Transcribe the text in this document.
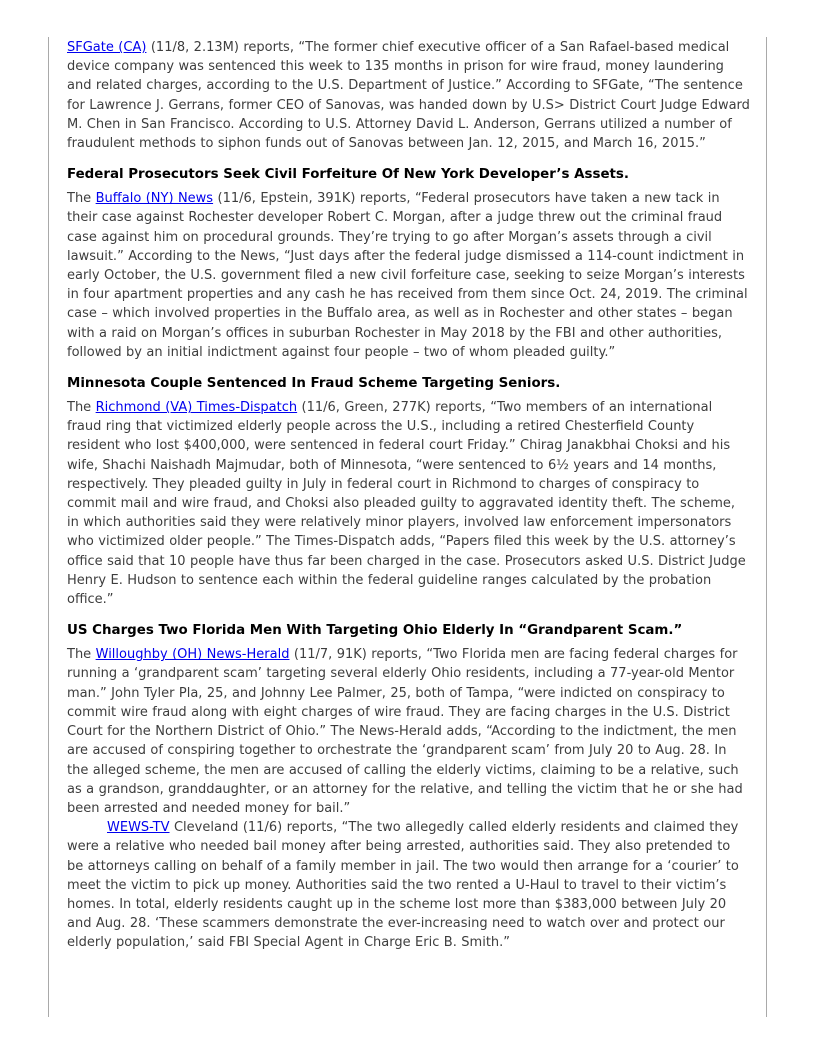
SFGate (CA) (11/8, 2.13M) reports, “The former chief executive officer of a San Rafael-based medical device company was sentenced this week to 135 months in prison for wire fraud, money laundering and related charges, according to the U.S. Department of Justice.” According to SFGate, “The sentence for Lawrence J. Gerrans, former CEO of Sanovas, was handed down by U.S> District Court Judge Edward M. Chen in San Francisco. According to U.S. Attorney David L. Anderson, Gerrans utilized a number of fraudulent methods to siphon funds out of Sanovas between Jan. 12, 2015, and March 16, 2015.”

Federal Prosecutors Seek Civil Forfeiture Of New York Developer’s Assets.

The Buffalo (NY) News (11/6, Epstein, 391K) reports, “Federal prosecutors have taken a new tack in their case against Rochester developer Robert C. Morgan, after a judge threw out the criminal fraud case against him on procedural grounds. They’re trying to go after Morgan’s assets through a civil lawsuit.” According to the News, “Just days after the federal judge dismissed a 114-count indictment in early October, the U.S. government filed a new civil forfeiture case, seeking to seize Morgan’s interests in four apartment properties and any cash he has received from them since Oct. 24, 2019. The criminal case – which involved properties in the Buffalo area, as well as in Rochester and other states – began with a raid on Morgan’s offices in suburban Rochester in May 2018 by the FBI and other authorities, followed by an initial indictment against four people – two of whom pleaded guilty.”

Minnesota Couple Sentenced In Fraud Scheme Targeting Seniors.

The Richmond (VA) Times-Dispatch (11/6, Green, 277K) reports, “Two members of an international fraud ring that victimized elderly people across the U.S., including a retired Chesterfield County resident who lost $400,000, were sentenced in federal court Friday.” Chirag Janakbhai Choksi and his wife, Shachi Naishadh Majmudar, both of Minnesota, “were sentenced to 6½ years and 14 months, respectively. They pleaded guilty in July in federal court in Richmond to charges of conspiracy to commit mail and wire fraud, and Choksi also pleaded guilty to aggravated identity theft. The scheme, in which authorities said they were relatively minor players, involved law enforcement impersonators who victimized older people.” The Times-Dispatch adds, “Papers filed this week by the U.S. attorney’s office said that 10 people have thus far been charged in the case. Prosecutors asked U.S. District Judge Henry E. Hudson to sentence each within the federal guideline ranges calculated by the probation office.”

US Charges Two Florida Men With Targeting Ohio Elderly In “Grandparent Scam.”

The Willoughby (OH) News-Herald (11/7, 91K) reports, “Two Florida men are facing federal charges for running a ‘grandparent scam’ targeting several elderly Ohio residents, including a 77-year-old Mentor man.” John Tyler Pla, 25, and Johnny Lee Palmer, 25, both of Tampa, “were indicted on conspiracy to commit wire fraud along with eight charges of wire fraud. They are facing charges in the U.S. District Court for the Northern District of Ohio.” The News-Herald adds, “According to the indictment, the men are accused of conspiring together to orchestrate the ‘grandparent scam’ from July 20 to Aug. 28. In the alleged scheme, the men are accused of calling the elderly victims, claiming to be a relative, such as a grandson, granddaughter, or an attorney for the relative, and telling the victim that he or she had been arrested and needed money for bail.”

WEWS-TV Cleveland (11/6) reports, “The two allegedly called elderly residents and claimed they were a relative who needed bail money after being arrested, authorities said. They also pretended to be attorneys calling on behalf of a family member in jail. The two would then arrange for a ‘courier’ to meet the victim to pick up money. Authorities said the two rented a U-Haul to travel to their victim’s homes. In total, elderly residents caught up in the scheme lost more than $383,000 between July 20 and Aug. 28. ‘These scammers demonstrate the ever-increasing need to watch over and protect our elderly population,’ said FBI Special Agent in Charge Eric B. Smith.”
